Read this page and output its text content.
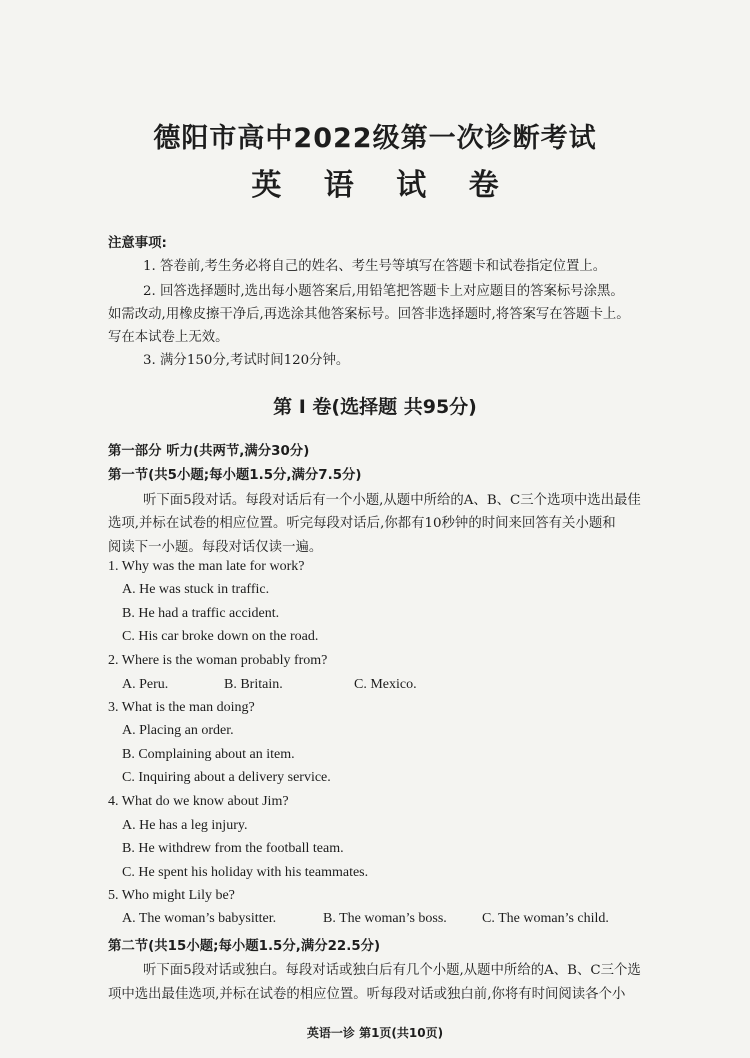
德阳市高中2022级第一次诊断考试
英 语 试 卷
注意事项:
1. 答卷前,考生务必将自己的姓名、考生号等填写在答题卡和试卷指定位置上。
2. 回答选择题时,选出每小题答案后,用铅笔把答题卡上对应题目的答案标号涂黑。
如需改动,用橡皮擦干净后,再选涂其他答案标号。回答非选择题时,将答案写在答题卡上。
写在本试卷上无效。
3. 满分150分,考试时间120分钟。
第 Ⅰ 卷(选择题 共95分)
第一部分 听力(共两节,满分30分)
第一节(共5小题;每小题1.5分,满分7.5分)
听下面5段对话。每段对话后有一个小题,从题中所给的A、B、C三个选项中选出最佳
选项,并标在试卷的相应位置。听完每段对话后,你都有10秒钟的时间来回答有关小题和
阅读下一小题。每段对话仅读一遍。
1. Why was the man late for work?
A. He was stuck in traffic.
B. He had a traffic accident.
C. His car broke down on the road.
2. Where is the woman probably from?
A. Peru.	B. Britain.	C. Mexico.
3. What is the man doing?
A. Placing an order.
B. Complaining about an item.
C. Inquiring about a delivery service.
4. What do we know about Jim?
A. He has a leg injury.
B. He withdrew from the football team.
C. He spent his holiday with his teammates.
5. Who might Lily be?
A. The woman’s babysitter.	B. The woman’s boss.	C. The woman’s child.
第二节(共15小题;每小题1.5分,满分22.5分)
听下面5段对话或独白。每段对话或独白后有几个小题,从题中所给的A、B、C三个选
项中选出最佳选项,并标在试卷的相应位置。听每段对话或独白前,你将有时间阅读各个小
英语一诊 第1页(共10页)
